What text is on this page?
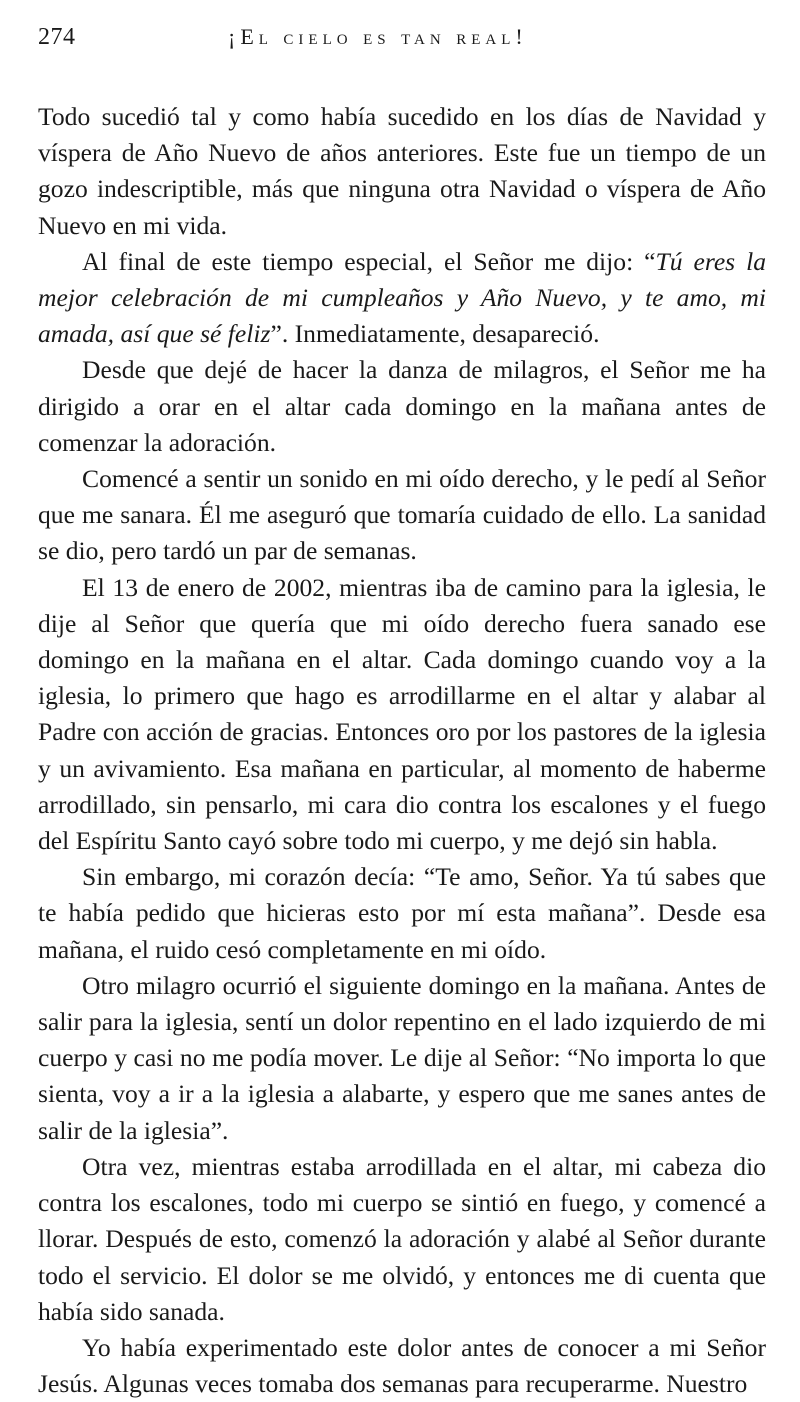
274	¡El cielo es tan real!

Todo sucedió tal y como había sucedido en los días de Navidad y víspera de Año Nuevo de años anteriores. Este fue un tiempo de un gozo indescriptible, más que ninguna otra Navidad o víspera de Año Nuevo en mi vida.

Al final de este tiempo especial, el Señor me dijo: “Tú eres la mejor celebración de mi cumpleaños y Año Nuevo, y te amo, mi amada, así que sé feliz”. Inmediatamente, desapareció.

Desde que dejé de hacer la danza de milagros, el Señor me ha dirigido a orar en el altar cada domingo en la mañana antes de comenzar la adoración.

Comencé a sentir un sonido en mi oído derecho, y le pedí al Señor que me sanara. Él me aseguró que tomaría cuidado de ello. La sanidad se dio, pero tardó un par de semanas.

El 13 de enero de 2002, mientras iba de camino para la iglesia, le dije al Señor que quería que mi oído derecho fuera sanado ese domingo en la mañana en el altar. Cada domingo cuando voy a la iglesia, lo primero que hago es arrodillarme en el altar y alabar al Padre con acción de gracias. Entonces oro por los pastores de la iglesia y un avivamiento. Esa mañana en particular, al momento de haberme arrodillado, sin pensarlo, mi cara dio contra los escalones y el fuego del Espíritu Santo cayó sobre todo mi cuerpo, y me dejó sin habla.

Sin embargo, mi corazón decía: “Te amo, Señor. Ya tú sabes que te había pedido que hicieras esto por mí esta mañana”. Desde esa mañana, el ruido cesó completamente en mi oído.

Otro milagro ocurrió el siguiente domingo en la mañana. Antes de salir para la iglesia, sentí un dolor repentino en el lado izquierdo de mi cuerpo y casi no me podía mover. Le dije al Señor: “No importa lo que sienta, voy a ir a la iglesia a alabarte, y espero que me sanes antes de salir de la iglesia”.

Otra vez, mientras estaba arrodillada en el altar, mi cabeza dio contra los escalones, todo mi cuerpo se sintió en fuego, y comencé a llorar. Después de esto, comenzó la adoración y alabé al Señor durante todo el servicio. El dolor se me olvidó, y entonces me di cuenta que había sido sanada.

Yo había experimentado este dolor antes de conocer a mi Señor Jesús. Algunas veces tomaba dos semanas para recuperarme. Nuestro
